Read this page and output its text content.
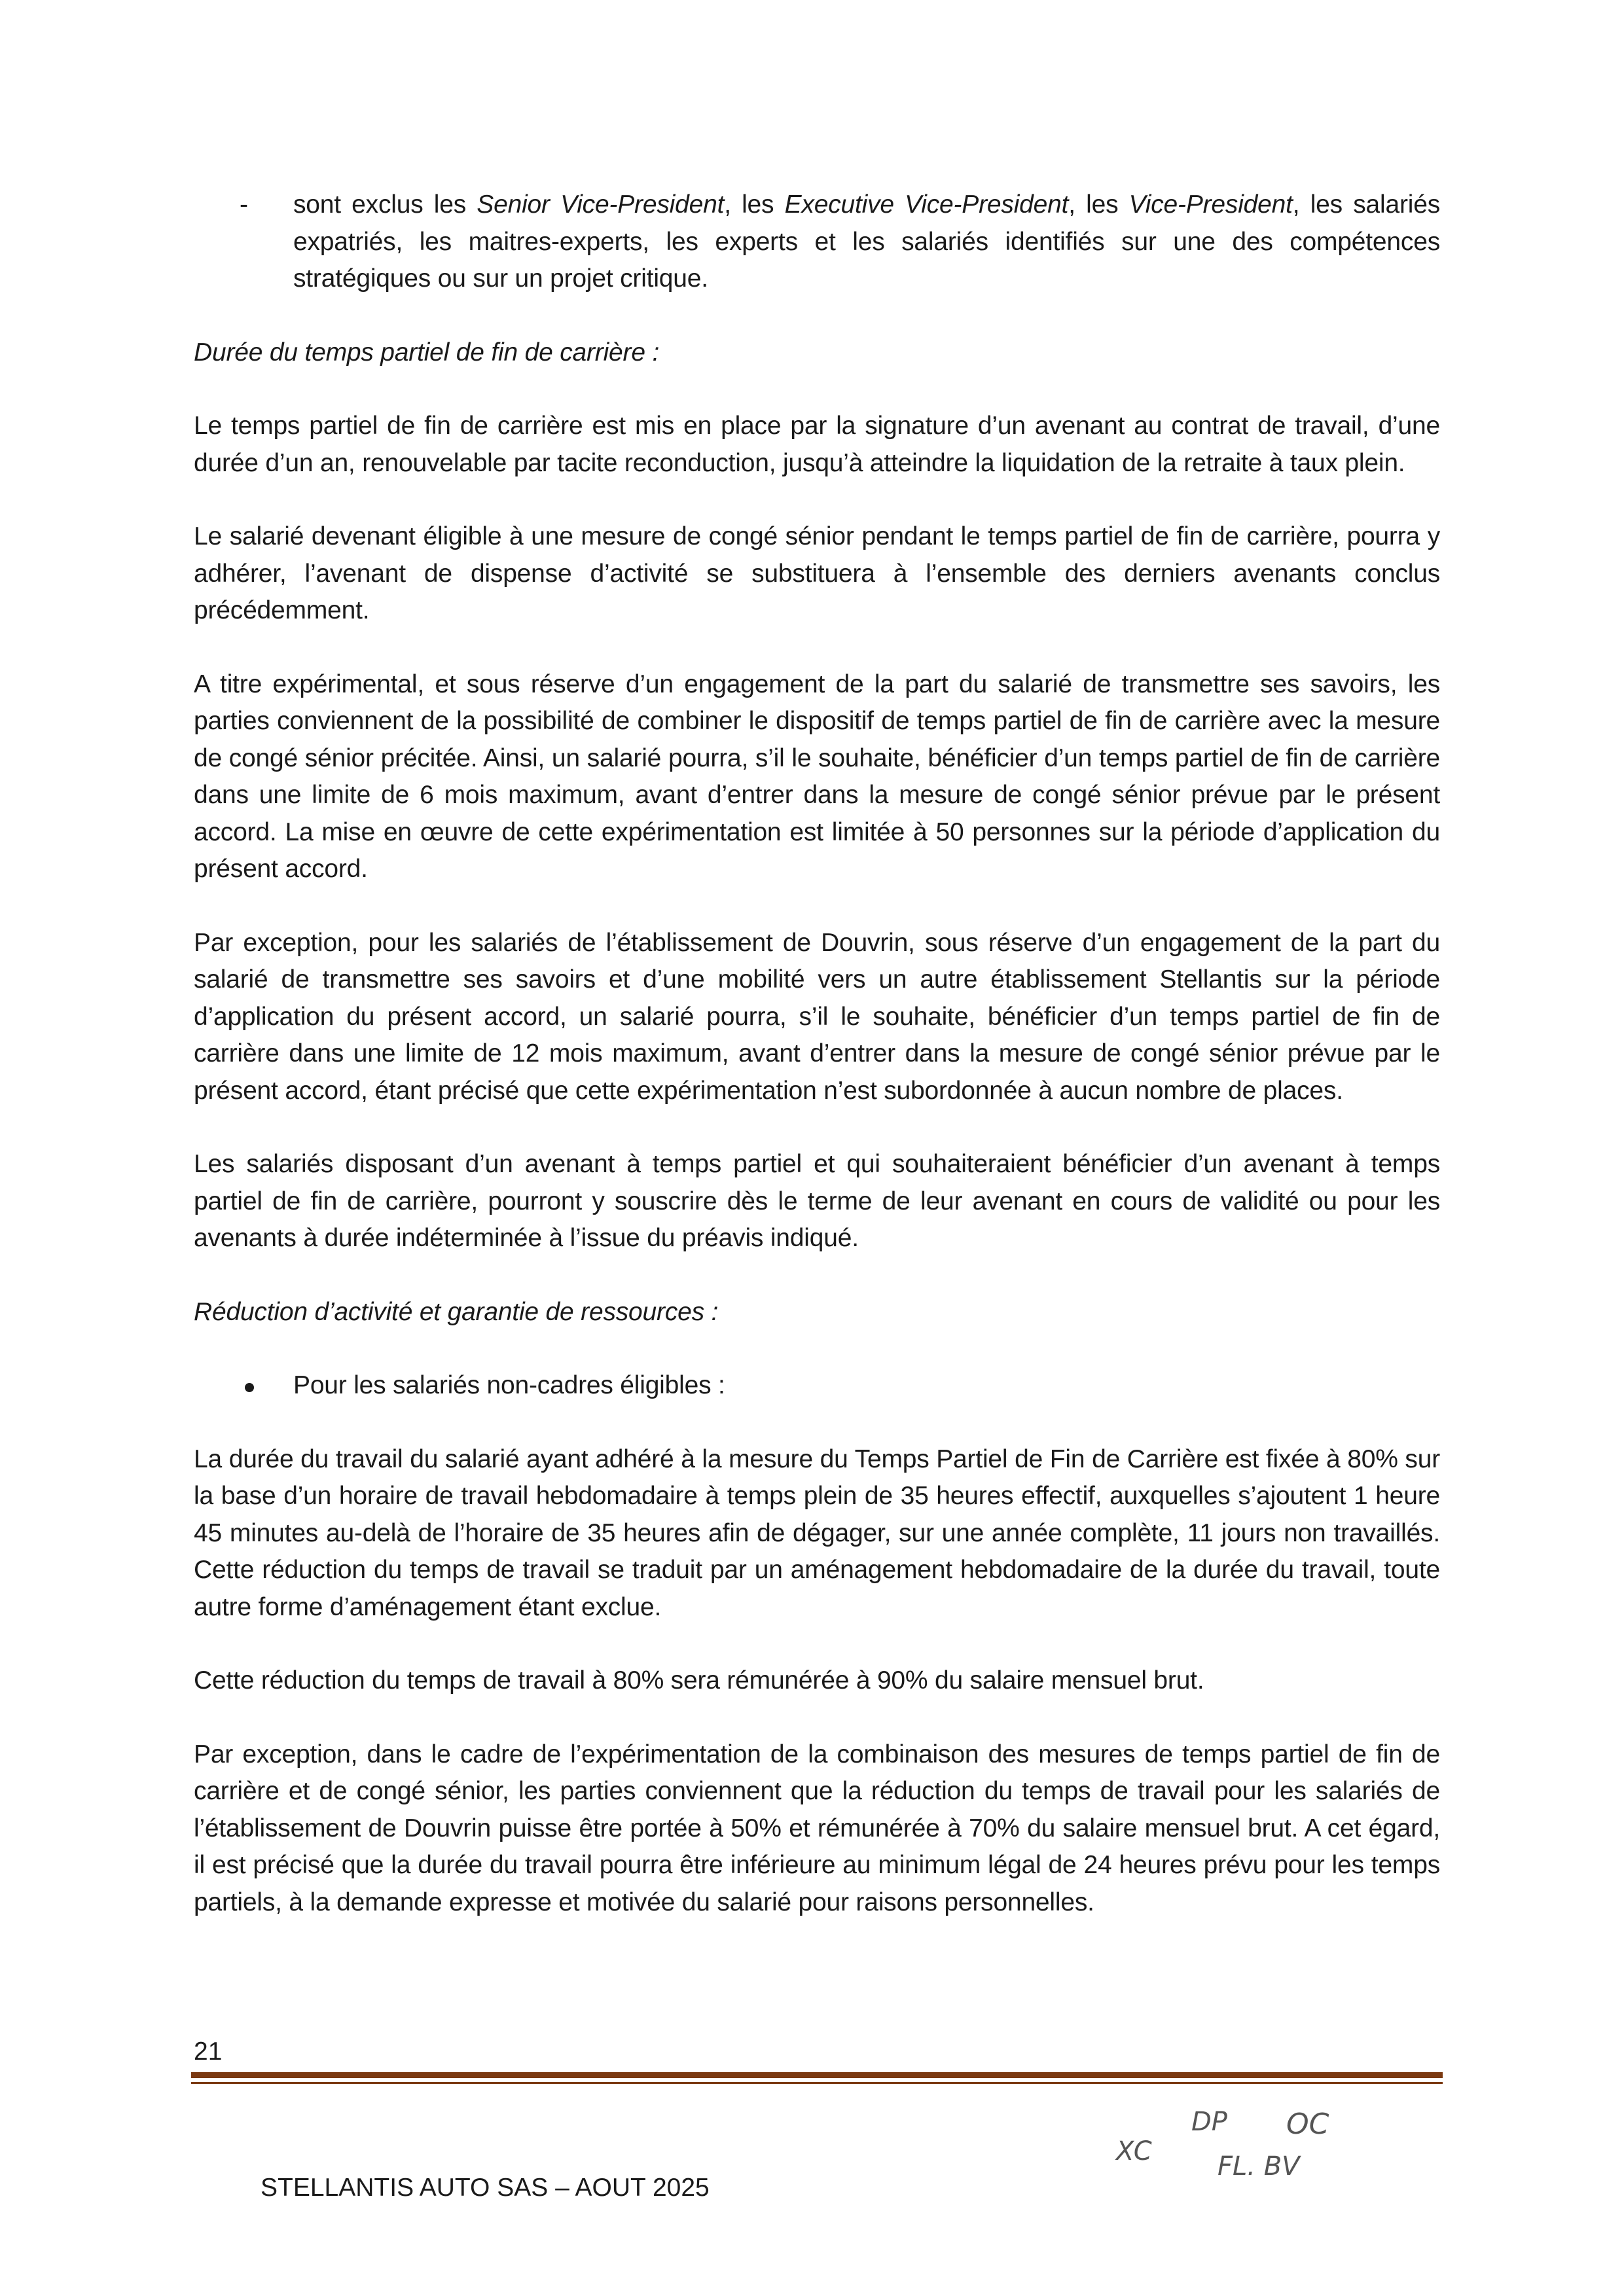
- sont exclus les Senior Vice-President, les Executive Vice-President, les Vice-President, les salariés expatriés, les maitres-experts, les experts et les salariés identifiés sur une des compétences stratégiques ou sur un projet critique.
Durée du temps partiel de fin de carrière :

Le temps partiel de fin de carrière est mis en place par la signature d’un avenant au contrat de travail, d’une durée d’un an, renouvelable par tacite reconduction, jusqu’à atteindre la liquidation de la retraite à taux plein.

Le salarié devenant éligible à une mesure de congé sénior pendant le temps partiel de fin de carrière, pourra y adhérer, l’avenant de dispense d’activité se substituera à l’ensemble des derniers avenants conclus précédemment.

A titre expérimental, et sous réserve d’un engagement de la part du salarié de transmettre ses savoirs, les parties conviennent de la possibilité de combiner le dispositif de temps partiel de fin de carrière avec la mesure de congé sénior précitée. Ainsi, un salarié pourra, s’il le souhaite, bénéficier d’un temps partiel de fin de carrière dans une limite de 6 mois maximum, avant d’entrer dans la mesure de congé sénior prévue par le présent accord. La mise en œuvre de cette expérimentation est limitée à 50 personnes sur la période d’application du présent accord.

Par exception, pour les salariés de l’établissement de Douvrin, sous réserve d’un engagement de la part du salarié de transmettre ses savoirs et d’une mobilité vers un autre établissement Stellantis sur la période d’application du présent accord, un salarié pourra, s’il le souhaite, bénéficier d’un temps partiel de fin de carrière dans une limite de 12 mois maximum, avant d’entrer dans la mesure de congé sénior prévue par le présent accord, étant précisé que cette expérimentation n’est subordonnée à aucun nombre de places.

Les salariés disposant d’un avenant à temps partiel et qui souhaiteraient bénéficier d’un avenant à temps partiel de fin de carrière, pourront y souscrire dès le terme de leur avenant en cours de validité ou pour les avenants à durée indéterminée à l’issue du préavis indiqué.

Réduction d’activité et garantie de ressources :
Pour les salariés non-cadres éligibles :

La durée du travail du salarié ayant adhéré à la mesure du Temps Partiel de Fin de Carrière est fixée à 80% sur la base d’un horaire de travail hebdomadaire à temps plein de 35 heures effectif, auxquelles s’ajoutent 1 heure 45 minutes au-delà de l’horaire de 35 heures afin de dégager, sur une année complète, 11 jours non travaillés. Cette réduction du temps de travail se traduit par un aménagement hebdomadaire de la durée du travail, toute autre forme d’aménagement étant exclue.

Cette réduction du temps de travail à 80% sera rémunérée à 90% du salaire mensuel brut.

Par exception, dans le cadre de l’expérimentation de la combinaison des mesures de temps partiel de fin de carrière et de congé sénior, les parties conviennent que la réduction du temps de travail pour les salariés de l’établissement de Douvrin puisse être portée à 50% et rémunérée à 70% du salaire mensuel brut. A cet égard, il est précisé que la durée du travail pourra être inférieure au minimum légal de 24 heures prévu pour les temps partiels, à la demande expresse et motivée du salarié pour raisons personnelles.

21
XC
DP OC
FL. BV
STELLANTIS AUTO SAS – AOUT 2025
